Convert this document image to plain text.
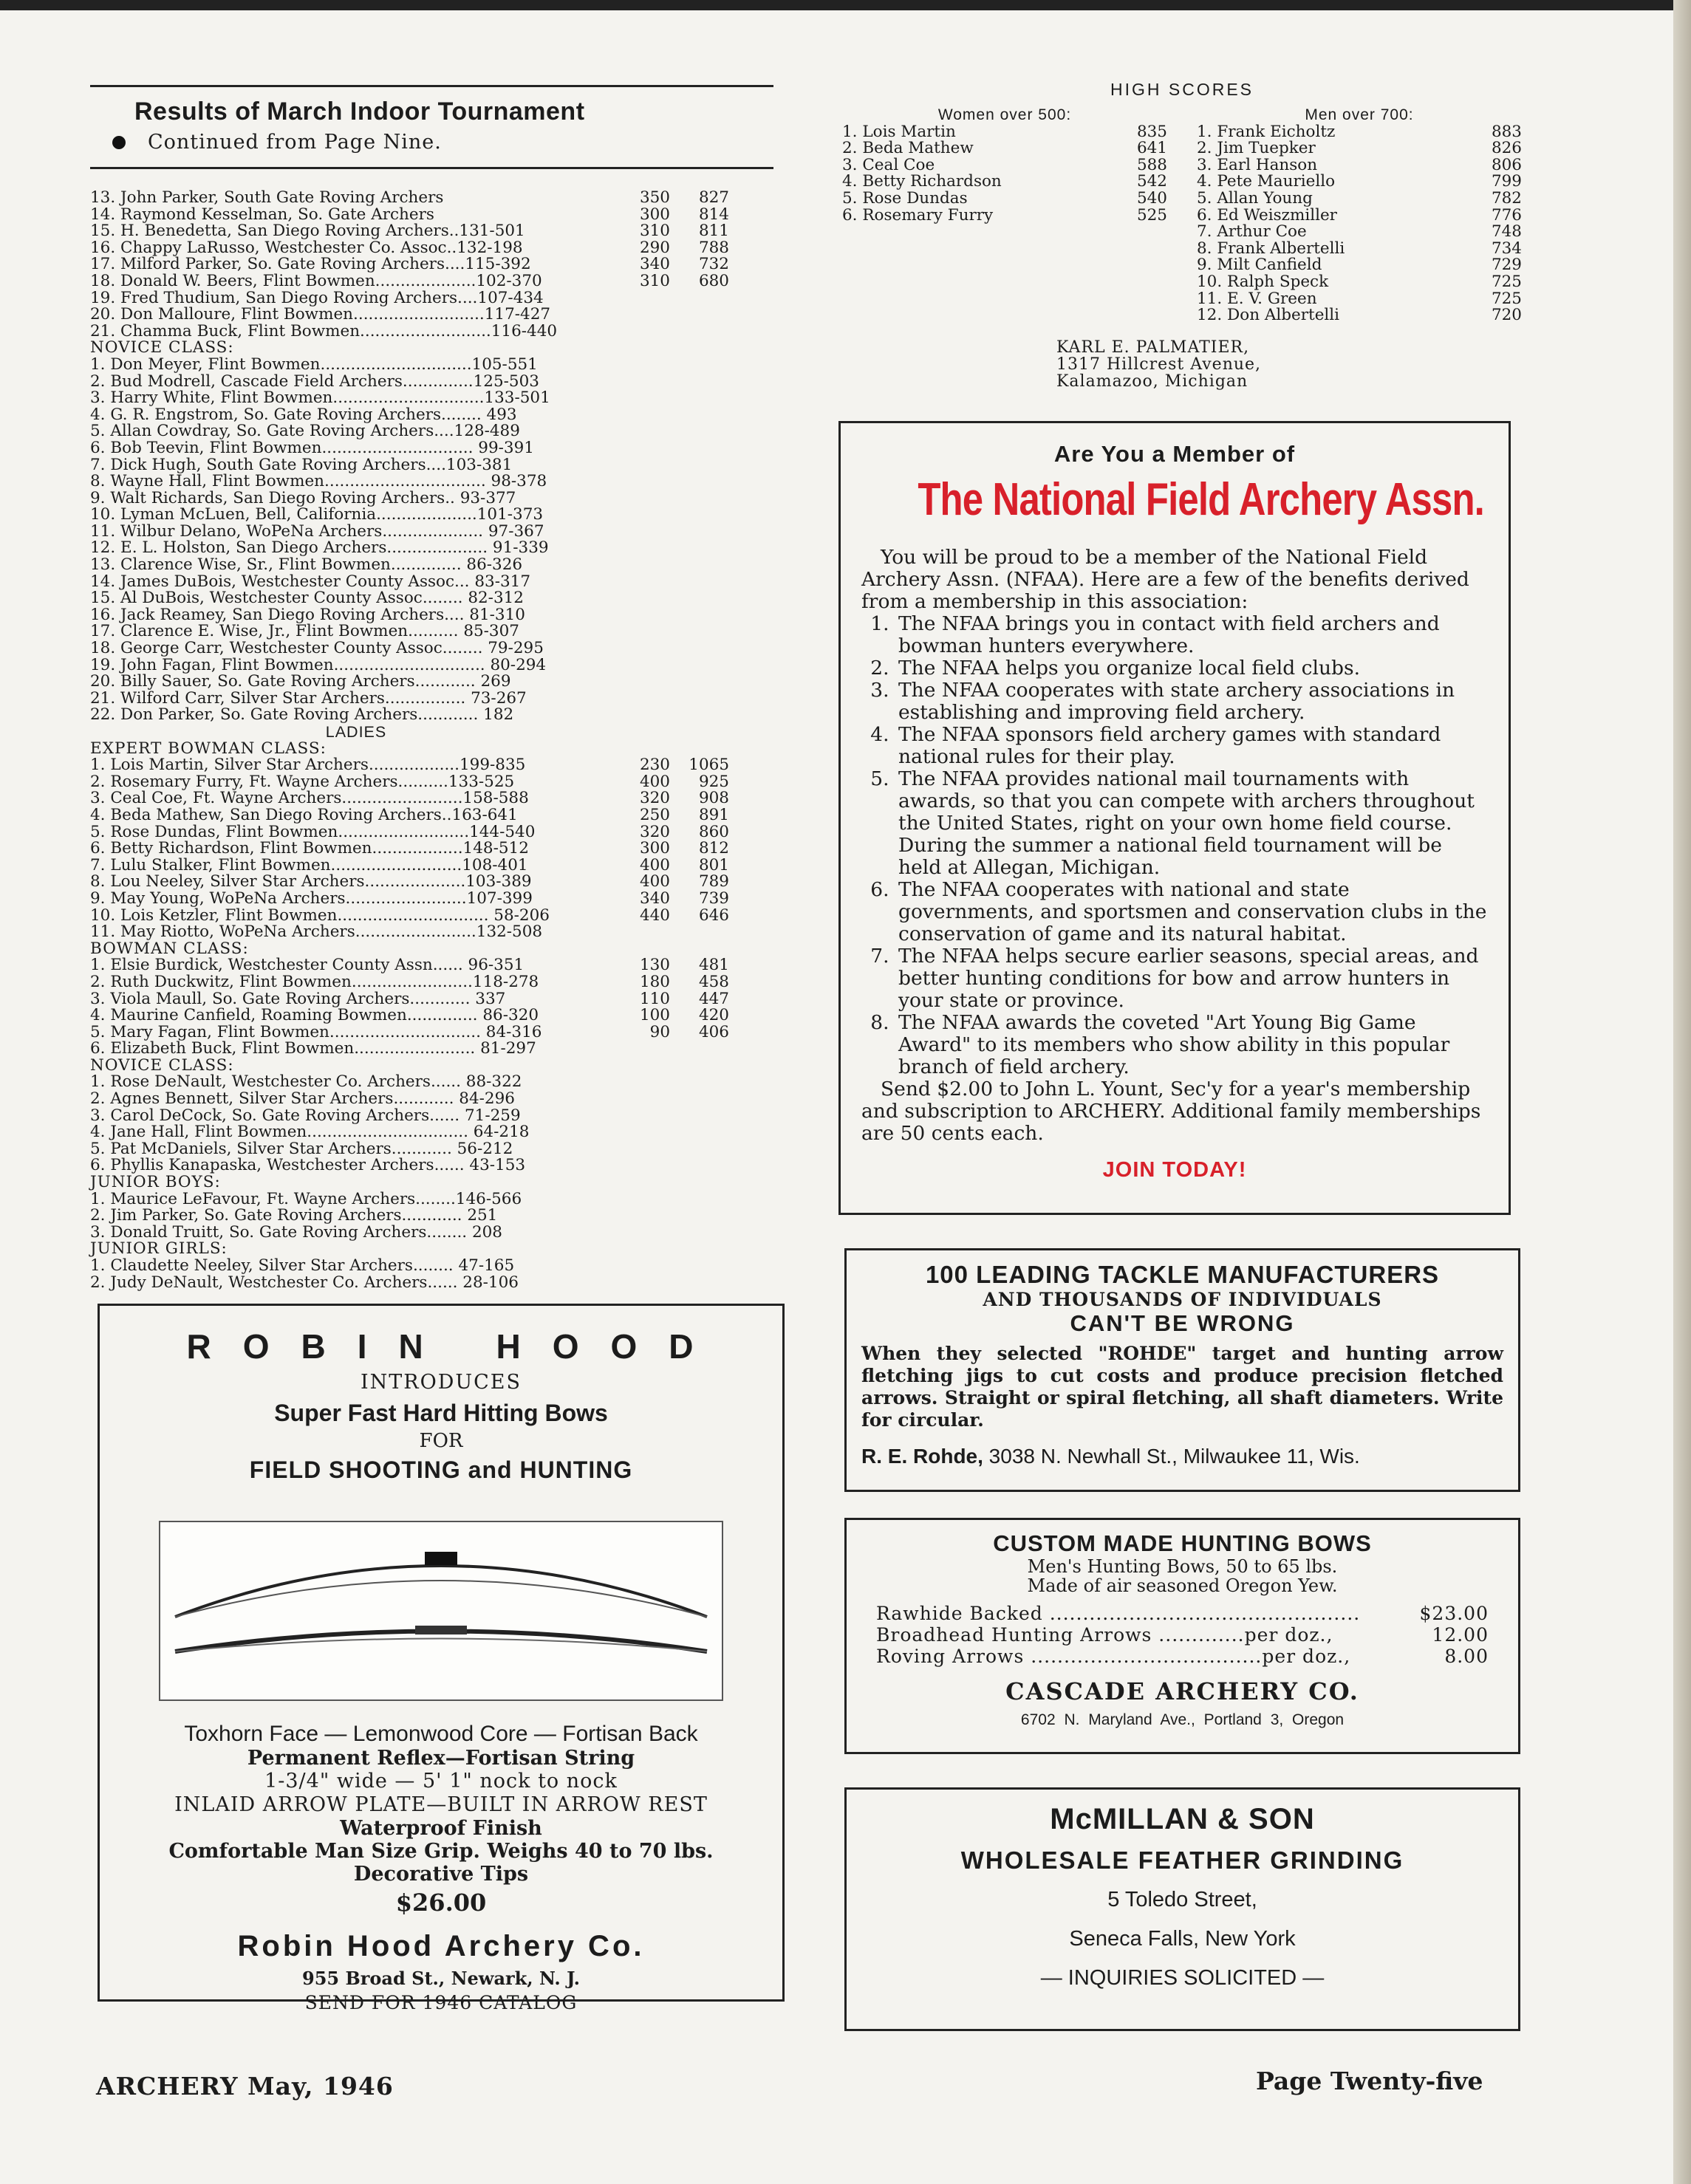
Results of March Indoor Tournament
Continued from Page Nine.
13. John Parker, South Gate Roving Archers	350	827
14. Raymond Kesselman, So. Gate Archers	300	814
15. H. Benedetta, San Diego Roving Archers..131-501	310	811
16. Chappy LaRusso, Westchester Co. Assoc..132-198	290	788
17. Milford Parker, So. Gate Roving Archers....115-392	340	732
18. Donald W. Beers, Flint Bowmen....................102-370	310	680
19. Fred Thudium, San Diego Roving Archers....107-434
20. Don Malloure, Flint Bowmen..........................117-427
21. Chamma Buck, Flint Bowmen..........................116-440
NOVICE CLASS:
1. Don Meyer, Flint Bowmen..............................105-551
2. Bud Modrell, Cascade Field Archers..............125-503
3. Harry White, Flint Bowmen..............................133-501
4. G. R. Engstrom, So. Gate Roving Archers........ 493
5. Allan Cowdray, So. Gate Roving Archers....128-489
6. Bob Teevin, Flint Bowmen.............................. 99-391
7. Dick Hugh, South Gate Roving Archers....103-381
8. Wayne Hall, Flint Bowmen................................ 98-378
9. Walt Richards, San Diego Roving Archers.. 93-377
10. Lyman McLuen, Bell, California....................101-373
11. Wilbur Delano, WoPeNa Archers.................... 97-367
12. E. L. Holston, San Diego Archers.................... 91-339
13. Clarence Wise, Sr., Flint Bowmen.............. 86-326
14. James DuBois, Westchester County Assoc... 83-317
15. Al DuBois, Westchester County Assoc........ 82-312
16. Jack Reamey, San Diego Roving Archers.... 81-310
17. Clarence E. Wise, Jr., Flint Bowmen.......... 85-307
18. George Carr, Westchester County Assoc........ 79-295
19. John Fagan, Flint Bowmen.............................. 80-294
20. Billy Sauer, So. Gate Roving Archers............ 269
21. Wilford Carr, Silver Star Archers................ 73-267
22. Don Parker, So. Gate Roving Archers............ 182
LADIES
EXPERT BOWMAN CLASS:
1. Lois Martin, Silver Star Archers..................199-835	230	1065
2. Rosemary Furry, Ft. Wayne Archers..........133-525	400	925
3. Ceal Coe, Ft. Wayne Archers........................158-588	320	908
4. Beda Mathew, San Diego Roving Archers..163-641	250	891
5. Rose Dundas, Flint Bowmen..........................144-540	320	860
6. Betty Richardson, Flint Bowmen..................148-512	300	812
7. Lulu Stalker, Flint Bowmen..........................108-401	400	801
8. Lou Neeley, Silver Star Archers....................103-389	400	789
9. May Young, WoPeNa Archers........................107-399	340	739
10. Lois Ketzler, Flint Bowmen.............................. 58-206	440	646
11. May Riotto, WoPeNa Archers........................132-508
BOWMAN CLASS:
1. Elsie Burdick, Westchester County Assn...... 96-351	130	481
2. Ruth Duckwitz, Flint Bowmen........................118-278	180	458
3. Viola Maull, So. Gate Roving Archers............ 337	110	447
4. Maurine Canfield, Roaming Bowmen.............. 86-320	100	420
5. Mary Fagan, Flint Bowmen.............................. 84-316	90	406
6. Elizabeth Buck, Flint Bowmen........................ 81-297
NOVICE CLASS:
1. Rose DeNault, Westchester Co. Archers...... 88-322
2. Agnes Bennett, Silver Star Archers............ 84-296
3. Carol DeCock, So. Gate Roving Archers...... 71-259
4. Jane Hall, Flint Bowmen................................ 64-218
5. Pat McDaniels, Silver Star Archers............ 56-212
6. Phyllis Kanapaska, Westchester Archers...... 43-153
JUNIOR BOYS:
1. Maurice LeFavour, Ft. Wayne Archers........146-566
2. Jim Parker, So. Gate Roving Archers............ 251
3. Donald Truitt, So. Gate Roving Archers........ 208
JUNIOR GIRLS:
1. Claudette Neeley, Silver Star Archers........ 47-165
2. Judy DeNault, Westchester Co. Archers...... 28-106
ROBIN HOOD
INTRODUCES
Super Fast Hard Hitting Bows
FOR
FIELD SHOOTING and HUNTING
Toxhorn Face — Lemonwood Core — Fortisan Back
Permanent Reflex—Fortisan String
1-3/4" wide — 5' 1" nock to nock
INLAID ARROW PLATE—BUILT IN ARROW REST
Waterproof Finish
Comfortable Man Size Grip. Weighs 40 to 70 lbs.
Decorative Tips
$26.00
Robin Hood Archery Co.
955 Broad St., Newark, N. J.
SEND FOR 1946 CATALOG
ARCHERY May, 1946	Page Twenty-five
HIGH SCORES
Women over 500:
1. Lois Martin	835
2. Beda Mathew	641
3. Ceal Coe	588
4. Betty Richardson	542
5. Rose Dundas	540
6. Rosemary Furry	525
Men over 700:
1. Frank Eicholtz	883
2. Jim Tuepker	826
3. Earl Hanson	806
4. Pete Mauriello	799
5. Allan Young	782
6. Ed Weiszmiller	776
7. Arthur Coe	748
8. Frank Albertelli	734
9. Milt Canfield	729
10. Ralph Speck	725
11. E. V. Green	725
12. Don Albertelli	720
KARL E. PALMATIER,
1317 Hillcrest Avenue,
Kalamazoo, Michigan
Are You a Member of
The National Field Archery Assn.
You will be proud to be a member of the National Field Archery Assn. (NFAA). Here are a few of the benefits derived from a membership in this association:
1. The NFAA brings you in contact with field archers and bowman hunters everywhere.
2. The NFAA helps you organize local field clubs.
3. The NFAA cooperates with state archery associations in establishing and improving field archery.
4. The NFAA sponsors field archery games with standard national rules for their play.
5. The NFAA provides national mail tournaments with awards, so that you can compete with archers throughout the United States, right on your own home field course. During the summer a national field tournament will be held at Allegan, Michigan.
6. The NFAA cooperates with national and state governments, and sportsmen and conservation clubs in the conservation of game and its natural habitat.
7. The NFAA helps secure earlier seasons, special areas, and better hunting conditions for bow and arrow hunters in your state or province.
8. The NFAA awards the coveted "Art Young Big Game Award" to its members who show ability in this popular branch of field archery.
Send $2.00 to John L. Yount, Sec'y for a year's membership and subscription to ARCHERY. Additional family memberships are 50 cents each.
JOIN TODAY!
100 LEADING TACKLE MANUFACTURERS
AND THOUSANDS OF INDIVIDUALS
CAN'T BE WRONG
When they selected "ROHDE" target and hunting arrow fletching jigs to cut costs and produce precision fletched arrows. Straight or spiral fletching, all shaft diameters. Write for circular.
R. E. Rohde, 3038 N. Newhall St., Milwaukee 11, Wis.
CUSTOM MADE HUNTING BOWS
Men's Hunting Bows, 50 to 65 lbs.
Made of air seasoned Oregon Yew.
Rawhide Backed ...............................................	$23.00
Broadhead Hunting Arrows .............per doz.,	12.00
Roving Arrows ...................................per doz.,	8.00
CASCADE ARCHERY CO.
6702 N. Maryland Ave., Portland 3, Oregon
McMILLAN & SON
WHOLESALE FEATHER GRINDING
5 Toledo Street,
Seneca Falls, New York
— INQUIRIES SOLICITED —
